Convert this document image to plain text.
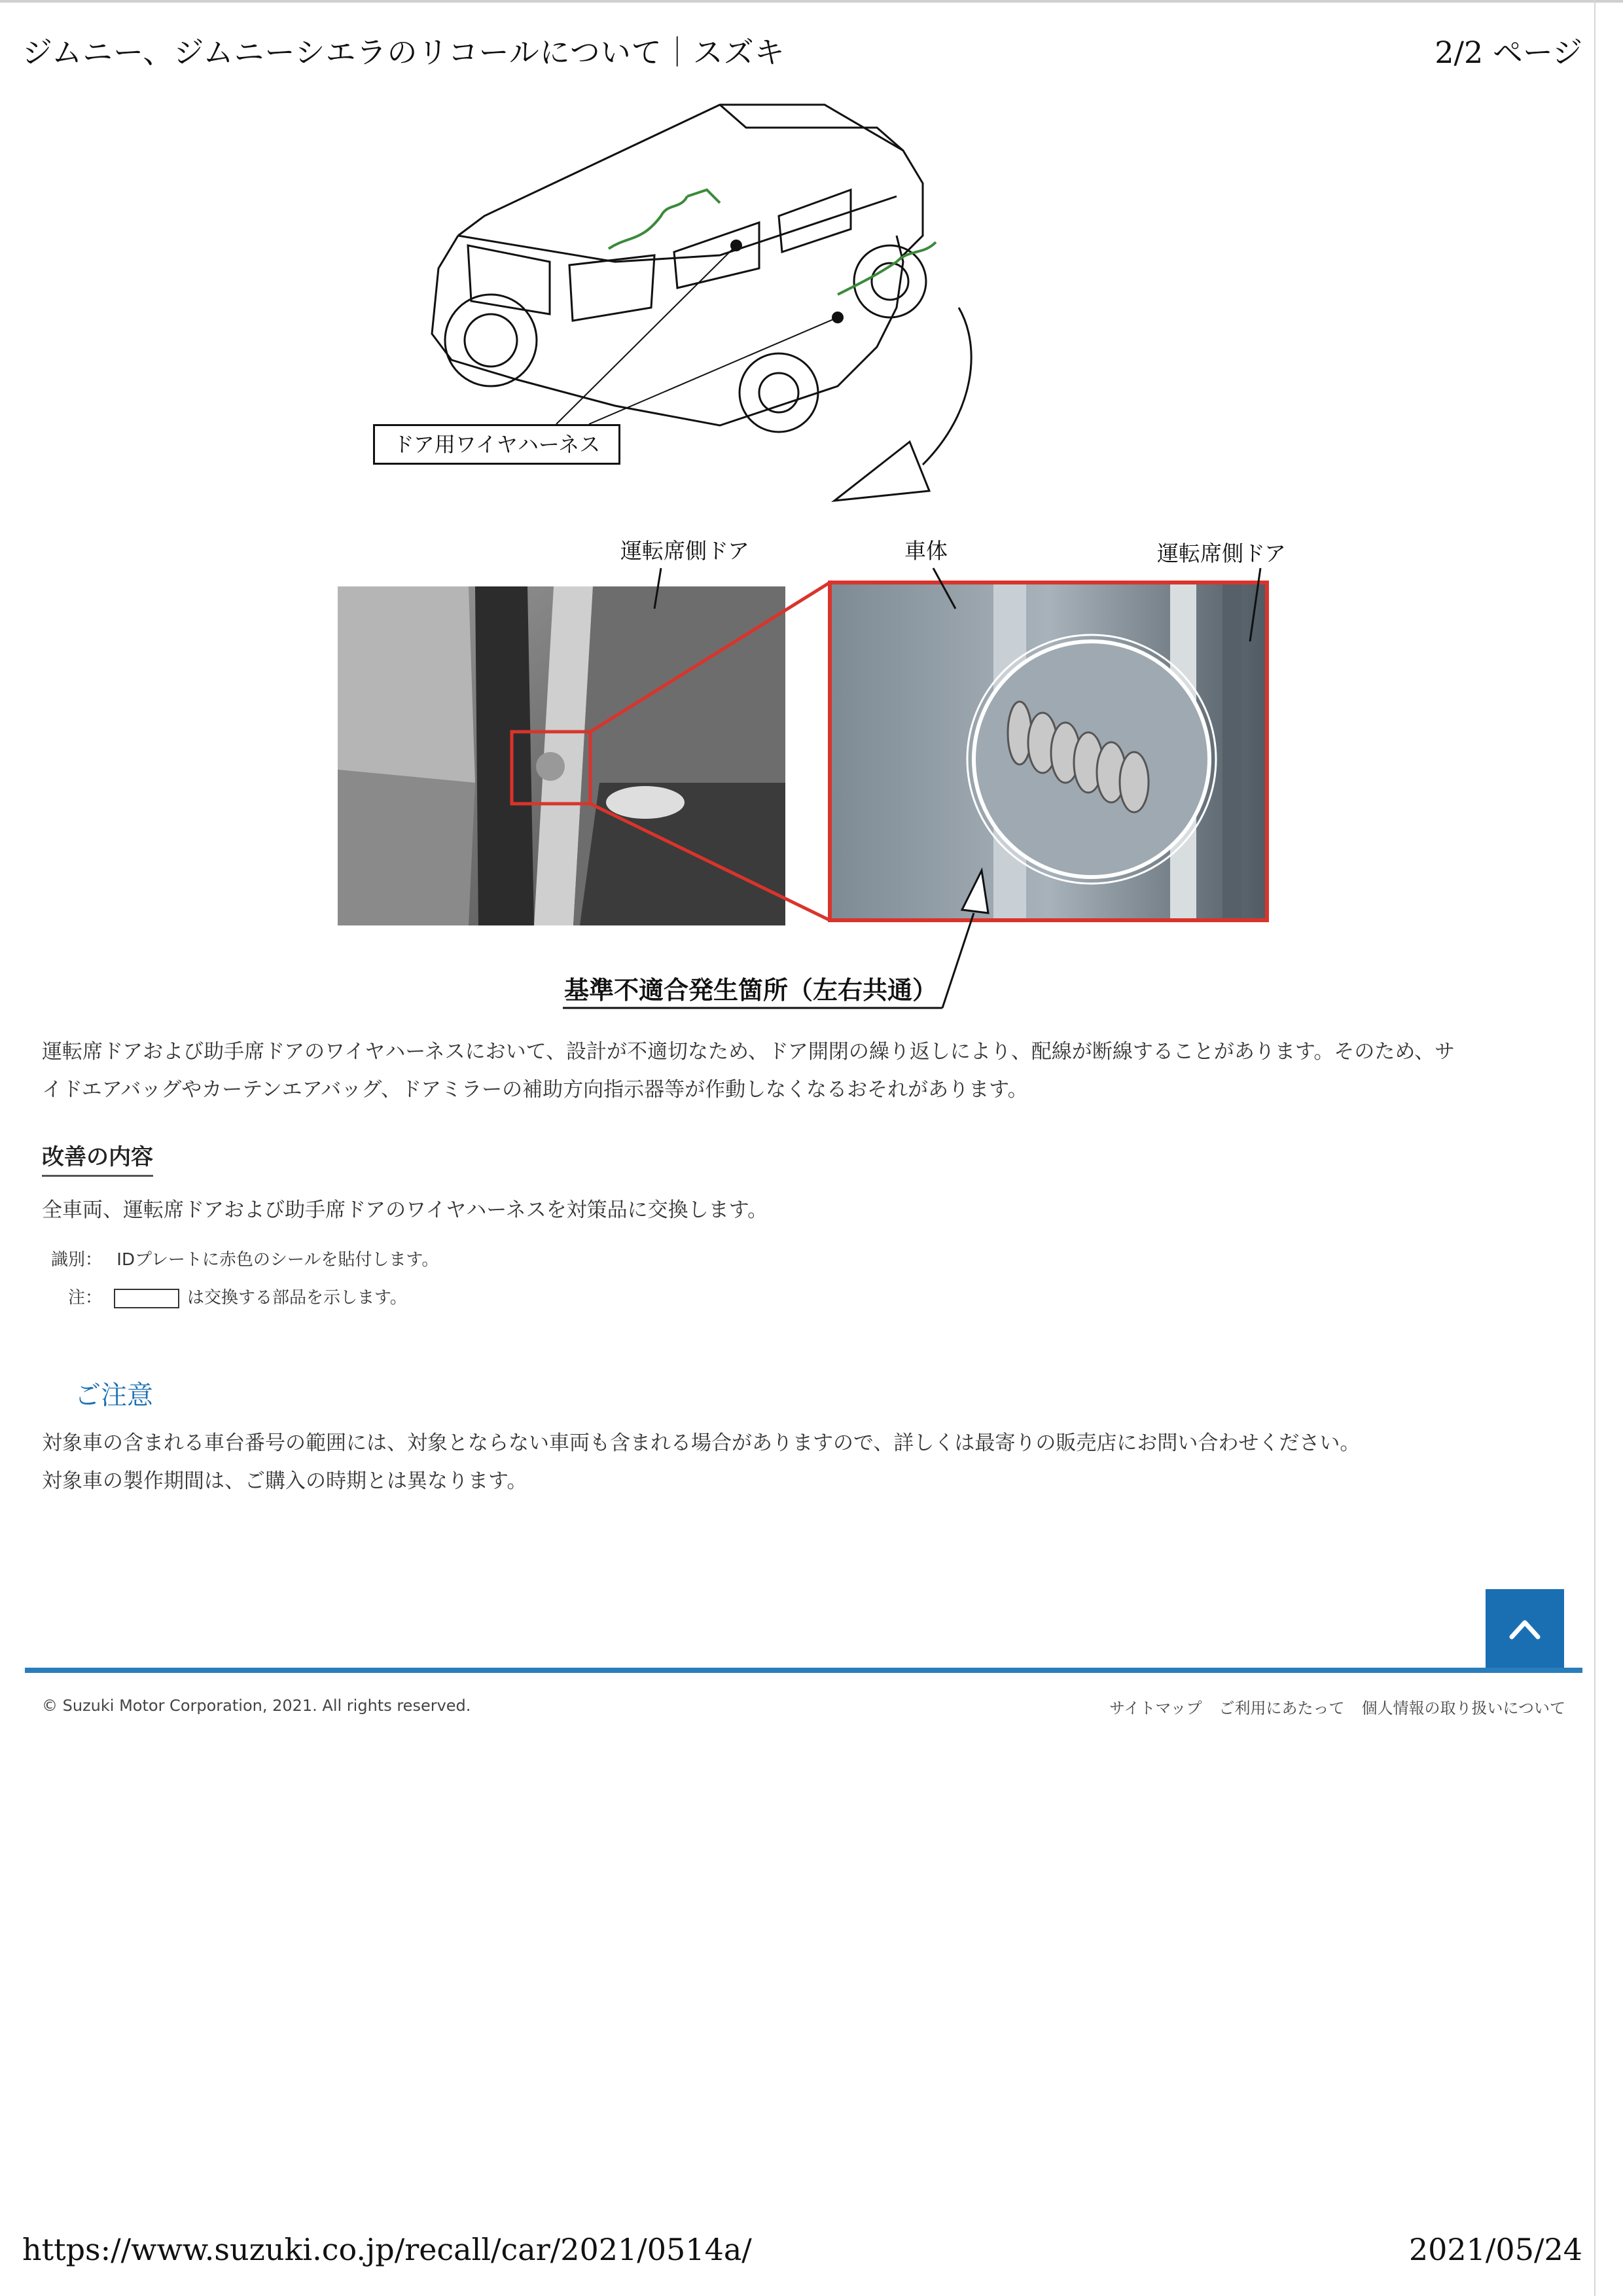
ジムニー、ジムニーシエラのリコールについて｜スズキ	2/2 ページ
ドア用ワイヤハーネス
運転席側ドア	車体	運転席側ドア
基準不適合発生箇所（左右共通）
運転席ドアおよび助手席ドアのワイヤハーネスにおいて、設計が不適切なため、ドア開閉の繰り返しにより、配線が断線することがあります。そのため、サ
イドエアバッグやカーテンエアバッグ、ドアミラーの補助方向指示器等が作動しなくなるおそれがあります。
改善の内容
全車両、運転席ドアおよび助手席ドアのワイヤハーネスを対策品に交換します。
識別： IDプレートに赤色のシールを貼付します。
注：	は交換する部品を示します。
ご注意
対象車の含まれる車台番号の範囲には、対象とならない車両も含まれる場合がありますので、詳しくは最寄りの販売店にお問い合わせください。
対象車の製作期間は、ご購入の時期とは異なります。
© Suzuki Motor Corporation, 2021. All rights reserved.	サイトマップ ご利用にあたって 個人情報の取り扱いについて
https://www.suzuki.co.jp/recall/car/2021/0514a/	2021/05/24
